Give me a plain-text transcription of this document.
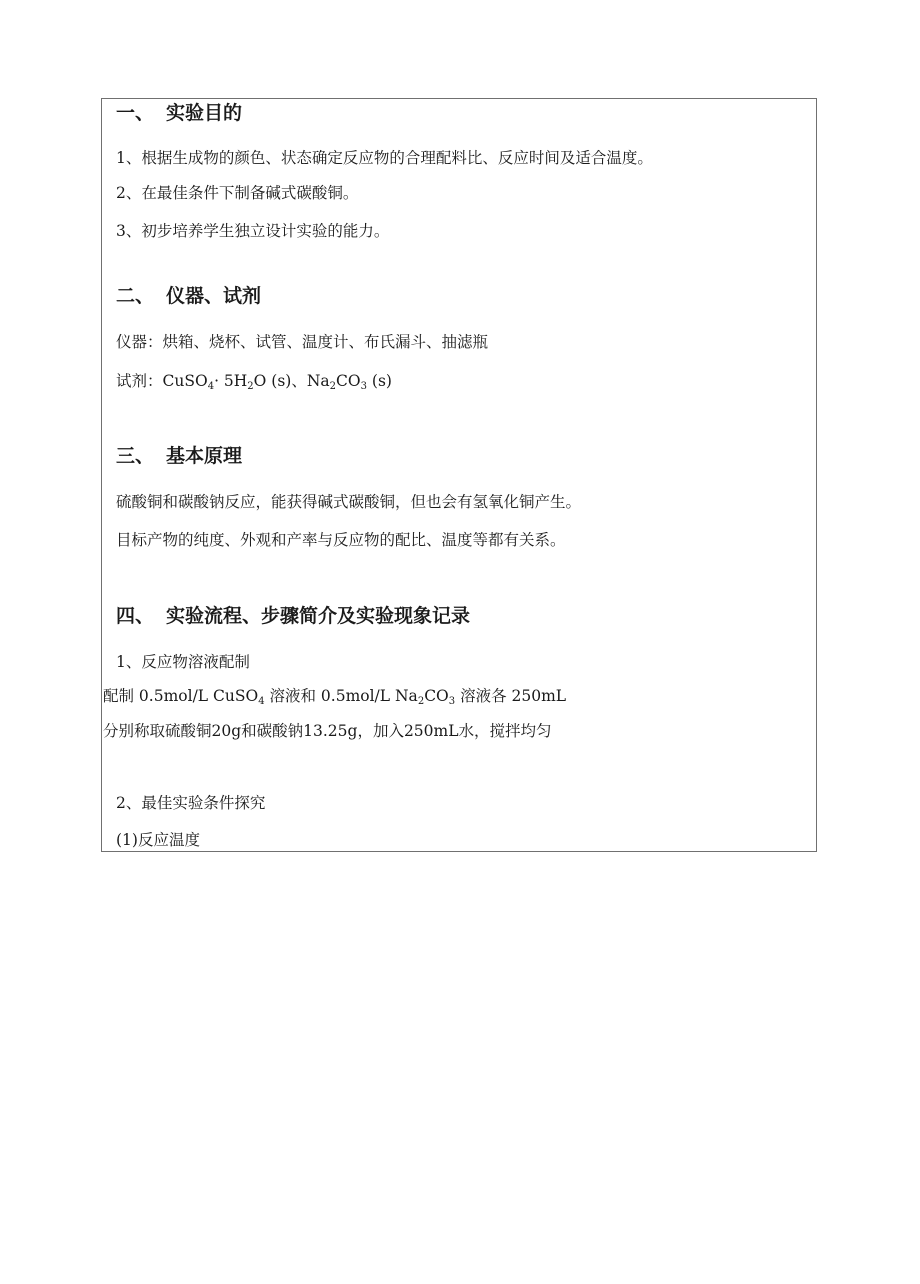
一、 实验目的
1、根据生成物的颜色、状态确定反应物的合理配料比、反应时间及适合温度。
2、在最佳条件下制备碱式碳酸铜。
3、初步培养学生独立设计实验的能力。
二、 仪器、试剂
仪器：烘箱、烧杯、试管、温度计、布氏漏斗、抽滤瓶
试剂：CuSO$_4$· $5H_2O$ (s)、$Na_2CO_3$ (s)
三、 基本原理
硫酸铜和碳酸钠反应，能获得碱式碳酸铜，但也会有氢氧化铜产生。
目标产物的纯度、外观和产率与反应物的配比、温度等都有关系。
四、 实验流程、步骤简介及实验现象记录
1、反应物溶液配制
配制 0.5mol/L CuSO$_4$ 溶液和 0.5mol/L $Na_2CO_3$ 溶液各 250mL
分别称取硫酸铜20g和碳酸钠13.25g，加入250mL水，搅拌均匀
2、最佳实验条件探究
(1)反应温度
